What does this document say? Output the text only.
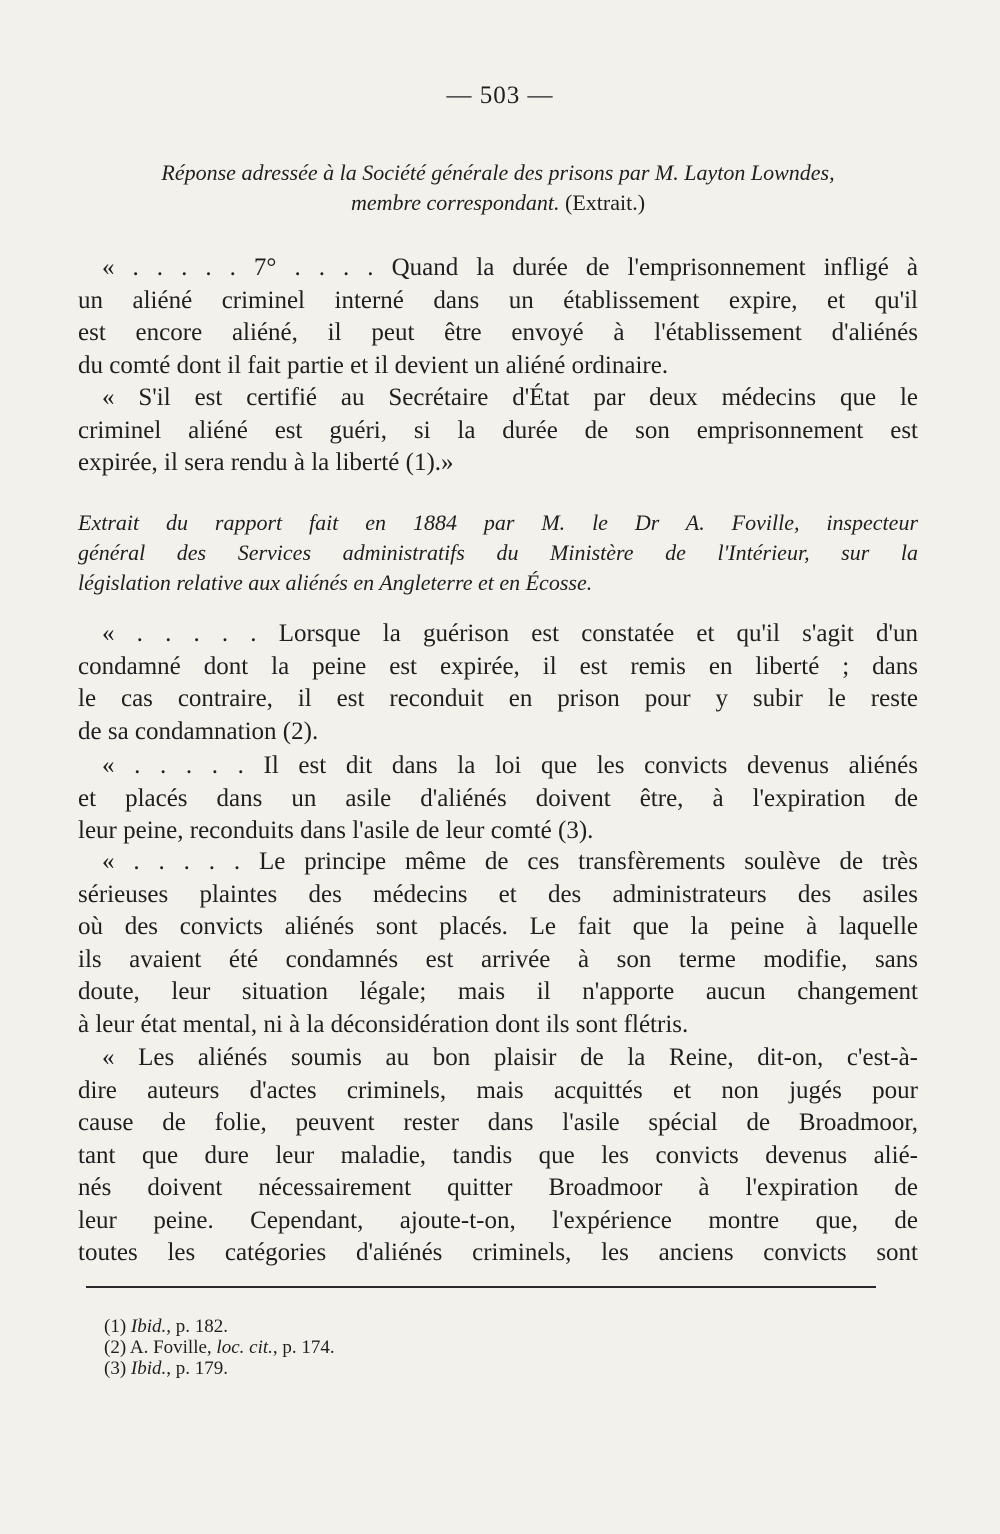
— 503 —
Réponse adressée à la Société générale des prisons par M. Layton Lowndes,
membre correspondant. (Extrait.)
« . . . . . 7° . . . . Quand la durée de l'emprisonnement infligé à
un aliéné criminel interné dans un établissement expire, et qu'il
est encore aliéné, il peut être envoyé à l'établissement d'aliénés
du comté dont il fait partie et il devient un aliéné ordinaire.
« S'il est certifié au Secrétaire d'État par deux médecins que le
criminel aliéné est guéri, si la durée de son emprisonnement est
expirée, il sera rendu à la liberté (1).»
Extrait du rapport fait en 1884 par M. le Dr A. Foville, inspecteur
général des Services administratifs du Ministère de l'Intérieur, sur la
législation relative aux aliénés en Angleterre et en Écosse.
« . . . . . Lorsque la guérison est constatée et qu'il s'agit d'un
condamné dont la peine est expirée, il est remis en liberté ; dans
le cas contraire, il est reconduit en prison pour y subir le reste
de sa condamnation (2).
« . . . . . Il est dit dans la loi que les convicts devenus aliénés
et placés dans un asile d'aliénés doivent être, à l'expiration de
leur peine, reconduits dans l'asile de leur comté (3).
« . . . . . Le principe même de ces transfèrements soulève de très
sérieuses plaintes des médecins et des administrateurs des asiles
où des convicts aliénés sont placés. Le fait que la peine à laquelle
ils avaient été condamnés est arrivée à son terme modifie, sans
doute, leur situation légale; mais il n'apporte aucun changement
à leur état mental, ni à la déconsidération dont ils sont flétris.
« Les aliénés soumis au bon plaisir de la Reine, dit-on, c'est-à-
dire auteurs d'actes criminels, mais acquittés et non jugés pour
cause de folie, peuvent rester dans l'asile spécial de Broadmoor,
tant que dure leur maladie, tandis que les convicts devenus alié-
nés doivent nécessairement quitter Broadmoor à l'expiration de
leur peine. Cependant, ajoute-t-on, l'expérience montre que, de
toutes les catégories d'aliénés criminels, les anciens convicts sont
(1) Ibid., p. 182.
(2) A. Foville, loc. cit., p. 174.
(3) Ibid., p. 179.
